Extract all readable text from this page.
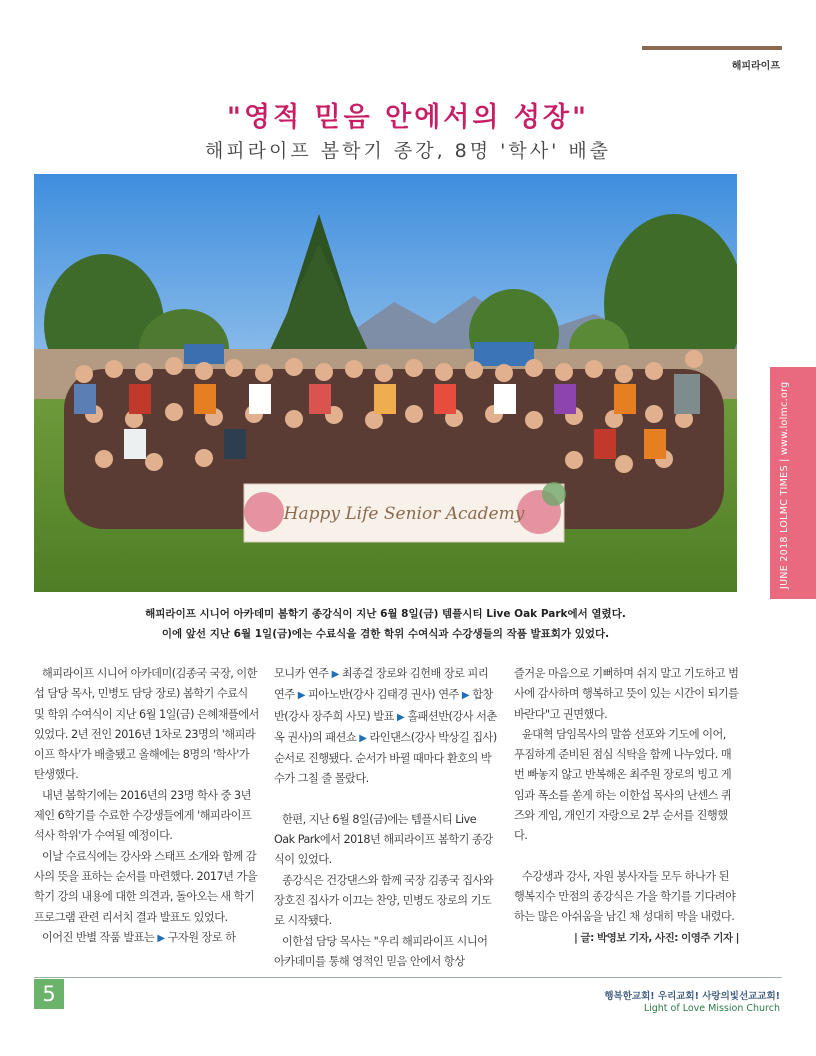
해피라이프
"영적 믿음 안에서의 성장"
해피라이프 봄학기 종강, 8명 '학사' 배출
Happy Life Senior Academy	JUNE 2018 LOLMC TIMES | www.lolmc.org
해피라이프 시니어 아카데미 봄학기 종강식이 지난 6월 8일(금) 템플시티 Live Oak Park에서 열렸다.
이에 앞선 지난 6월 1일(금)에는 수료식을 겸한 학위 수여식과 수강생들의 작품 발표회가 있었다.

해피라이프 시니어 아카데미(김종국 국장, 이한섭 담당 목사, 민병도 담당 장로) 봄학기 수료식 및 학위 수여식이 지난 6월 1일(금) 은혜채플에서 있었다. 2년 전인 2016년 1차로 23명의 '해피라이프 학사'가 배출됐고 올해에는 8명의 '학사'가 탄생했다.

내년 봄학기에는 2016년의 23명 학사 중 3년제인 6학기를 수료한 수강생들에게 '해피라이프 석사 학위'가 수여될 예정이다.

이날 수료식에는 강사와 스태프 소개와 함께 감사의 뜻을 표하는 순서를 마련했다. 2017년 가을 학기 강의 내용에 대한 의견과, 돌아오는 새 학기 프로그램 관련 리서치 결과 발표도 있었다.

이어진 반별 작품 발표는 ▶ 구자원 장로 하

모니카 연주 ▶ 최종걸 장로와 김헌배 장로 피리 연주 ▶ 피아노반(강사 김태경 권사) 연주 ▶ 합창반(강사 장주희 사모) 발표 ▶ 홀패션반(강사 서춘옥 권사)의 패션쇼 ▶ 라인댄스(강사 박상길 집사) 순서로 진행됐다. 순서가 바뀔 때마다 환호의 박수가 그칠 줄 몰랐다.

한편, 지난 6월 8일(금)에는 템플시티 Live Oak Park에서 2018년 해피라이프 봄학기 종강식이 있었다.

종강식은 건강댄스와 함께 국장 김종국 집사와 장호진 집사가 이끄는 찬양, 민병도 장로의 기도로 시작됐다.

이한섭 담당 목사는 "우리 해피라이프 시니어 아카데미를 통해 영적인 믿음 안에서 항상

즐거운 마음으로 기뻐하며 쉬지 말고 기도하고 범사에 감사하며 행복하고 뜻이 있는 시간이 되기를 바란다"고 권면했다.

윤대혁 담임목사의 말씀 선포와 기도에 이어, 푸짐하게 준비된 점심 식탁을 함께 나누었다. 매번 빠놓지 않고 반복해온 최주원 장로의 빙고 게임과 폭소를 쏟게 하는 이한섭 목사의 난센스 퀴즈와 게임, 개인기 자랑으로 2부 순서를 진행했다.

수강생과 강사, 자원 봉사자들 모두 하나가 된 행복지수 만점의 종강식은 가을 학기를 기다려야 하는 많은 아쉬움을 남긴 채 성대히 막을 내렸다.

| 글: 박영보 기자, 사진: 이영주 기자 |

5	행복한교회! 우리교회! 사랑의빛선교교회!
Light of Love Mission Church
